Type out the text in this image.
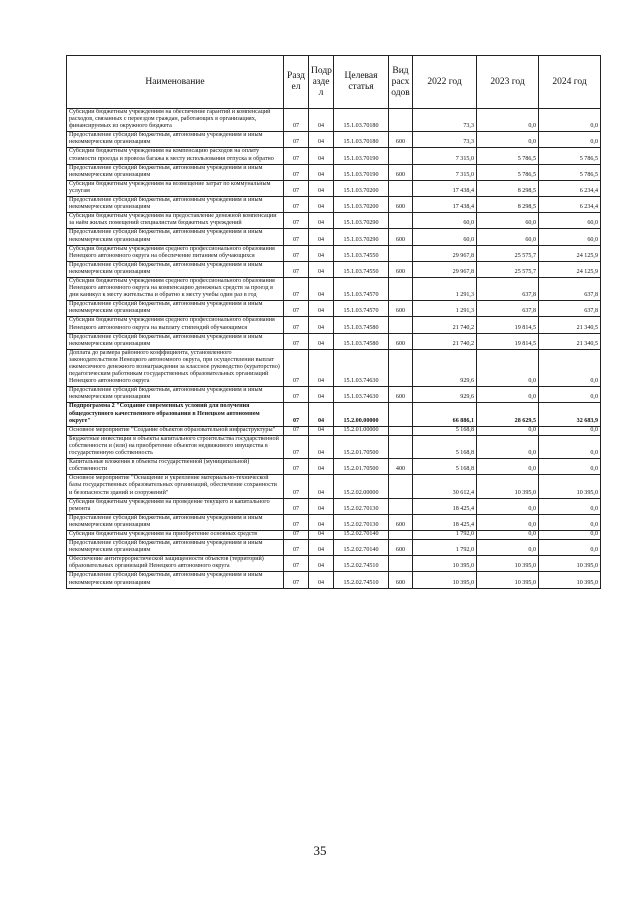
Наименование	Разд ел	Подр азде л	Целевая статья	Вид расх одов	2022 год	2023 год	2024 год
Субсидии бюджетным учреждениям на обеспечение гарантий и компенсаций расходов, связанных с переездом граждан, работающих в организациях, финансируемых из окружного бюджета	07	04	15.1.03.70180		73,3	0,0	0,0
Предоставление субсидий бюджетным, автономным учреждениям и иным некоммерческим организациям	07	04	15.1.03.70180	600	73,3	0,0	0,0
Субсидии бюджетным учреждениям на компенсацию расходов на оплату стоимости проезда и провоза багажа к месту использования отпуска и обратно	07	04	15.1.03.70190		7 315,0	5 786,5	5 786,5
Предоставление субсидий бюджетным, автономным учреждениям и иным некоммерческим организациям	07	04	15.1.03.70190	600	7 315,0	5 786,5	5 786,5
Субсидии бюджетным учреждениям на возмещение затрат по коммунальным услугам	07	04	15.1.03.70200		17 438,4	8 298,5	6 234,4
Предоставление субсидий бюджетным, автономным учреждениям и иным некоммерческим организациям	07	04	15.1.03.70200	600	17 438,4	8 298,5	6 234,4
Субсидии бюджетным учреждениям на предоставление денежной компенсации за наём жилых помещений специалистам бюджетных учреждений	07	04	15.1.03.70290		60,0	60,0	60,0
Предоставление субсидий бюджетным, автономным учреждениям и иным некоммерческим организациям	07	04	15.1.03.70290	600	60,0	60,0	60,0
Субсидии бюджетным учреждениям среднего профессионального образования Ненецкого автономного округа на обеспечение питанием обучающихся	07	04	15.1.03.74550		29 967,8	25 575,7	24 125,9
Предоставление субсидий бюджетным, автономным учреждениям и иным некоммерческим организациям	07	04	15.1.03.74550	600	29 967,8	25 575,7	24 125,9
Субсидии бюджетным учреждениям среднего профессионального образования Ненецкого автономного округа на компенсацию денежных средств за проезд в дни каникул к месту жительства и обратно к месту учебы один раз в год	07	04	15.1.03.74570		1 291,3	637,8	637,8
Предоставление субсидий бюджетным, автономным учреждениям и иным некоммерческим организациям	07	04	15.1.03.74570	600	1 291,3	637,8	637,8
Субсидии бюджетным учреждениям среднего профессионального образования Ненецкого автономного округа на выплату стипендий обучающимся	07	04	15.1.03.74580		21 740,2	19 814,5	21 340,5
Предоставление субсидий бюджетным, автономным учреждениям и иным некоммерческим организациям	07	04	15.1.03.74580	600	21 740,2	19 814,5	21 340,5
Доплата до размера районного коэффициента, установленного законодательством Ненецкого автономного округа, при осуществлении выплат ежемесячного денежного вознаграждения за классное руководство (кураторство) педагогическим работникам государственных образовательных организаций Ненецкого автономного округа	07	04	15.1.03.74630		929,6	0,0	0,0
Предоставление субсидий бюджетным, автономным учреждениям и иным некоммерческим организациям	07	04	15.1.03.74630	600	929,6	0,0	0,0
Подпрограмма 2 "Создание современных условий для получения общедоступного качественного образования в Ненецком автономном округе"	07	04	15.2.00.00000		66 886,1	28 629,5	32 683,9
Основное мероприятие "Создание объектов образовательной инфраструктуры"	07	04	15.2.01.00000		5 168,8	0,0	0,0
Бюджетные инвестиции в объекты капитального строительства государственной собственности и (или) на приобретение объектов недвижимого имущества в государственную собственность	07	04	15.2.01.70500		5 168,8	0,0	0,0
Капитальные вложения в объекты государственной (муниципальной) собственности	07	04	15.2.01.70500	400	5 168,8	0,0	0,0
Основное мероприятие "Оснащение и укрепление материально-технической базы государственных образовательных организаций, обеспечение сохранности и безопасности зданий и сооружений"	07	04	15.2.02.00000		30 612,4	10 395,0	10 395,0
Субсидии бюджетным учреждениям на проведение текущего и капитального ремонта	07	04	15.2.02.70130		18 425,4	0,0	0,0
Предоставление субсидий бюджетным, автономным учреждениям и иным некоммерческим организациям	07	04	15.2.02.70130	600	18 425,4	0,0	0,0
Субсидии бюджетным учреждениям на приобретение основных средств	07	04	15.2.02.70140		1 792,0	0,0	0,0
Предоставление субсидий бюджетным, автономным учреждениям и иным некоммерческим организациям	07	04	15.2.02.70140	600	1 792,0	0,0	0,0
Обеспечение антитеррористической защищенности объектов (территорий) образовательных организаций Ненецкого автономного округа	07	04	15.2.02.74510		10 395,0	10 395,0	10 395,0
Предоставление субсидий бюджетным, автономным учреждениям и иным некоммерческим организациям	07	04	15.2.02.74510	600	10 395,0	10 395,0	10 395,0
35
